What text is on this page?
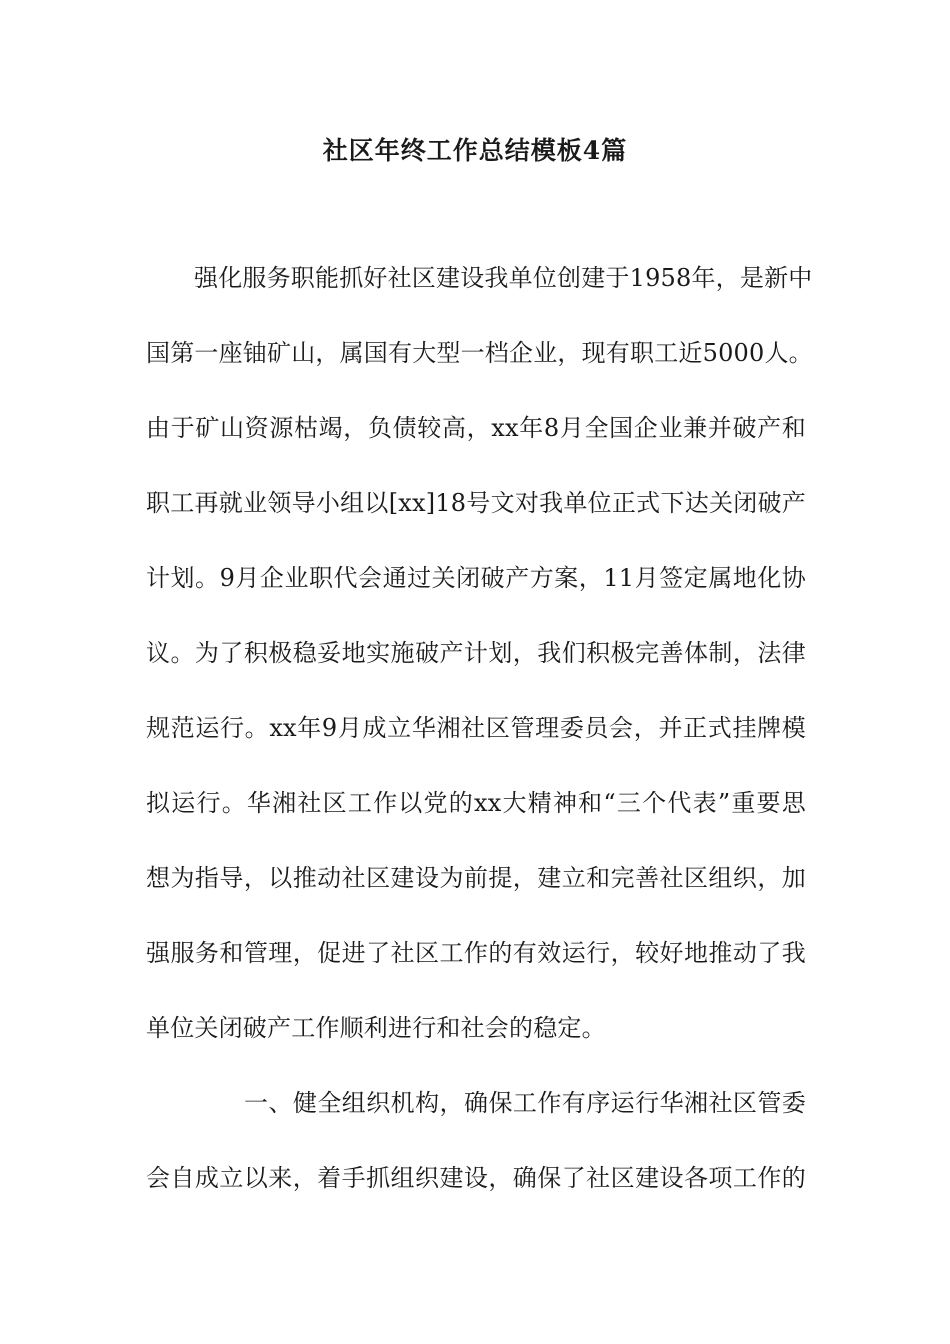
社区年终工作总结模板4篇
强化服务职能抓好社区建设我单位创建于1958年，是新中
国第一座铀矿山，属国有大型一档企业，现有职工近5000人。
由于矿山资源枯竭，负债较高，xx年8月全国企业兼并破产和
职工再就业领导小组以[xx]18号文对我单位正式下达关闭破产
计划。9月企业职代会通过关闭破产方案，11月签定属地化协
议。为了积极稳妥地实施破产计划，我们积极完善体制，法律
规范运行。xx年9月成立华湘社区管理委员会，并正式挂牌模
拟运行。华湘社区工作以党的xx大精神和“三个代表”重要思
想为指导，以推动社区建设为前提，建立和完善社区组织，加
强服务和管理，促进了社区工作的有效运行，较好地推动了我
单位关闭破产工作顺利进行和社会的稳定。
一、健全组织机构，确保工作有序运行华湘社区管委
会自成立以来，着手抓组织建设，确保了社区建设各项工作的
